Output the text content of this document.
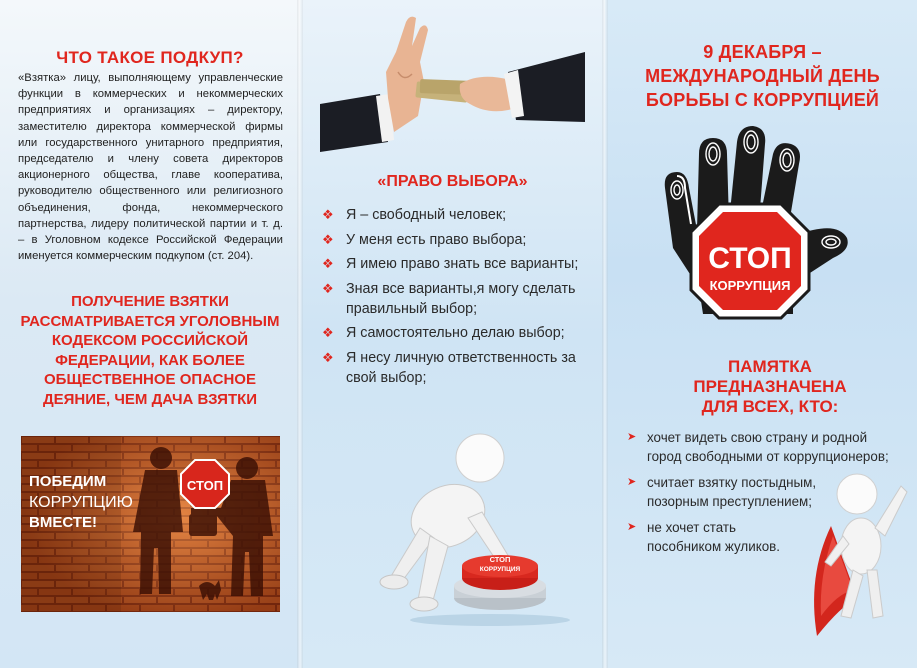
ЧТО ТАКОЕ ПОДКУП?
«Взятка» лицу, выполняющему управленческие функции в коммерческих и некоммерческих предприятиях и организациях – директору, заместителю директора коммерческой фирмы или государственного унитарного предприятия, председателю и члену совета директоров акционерного общества, главе кооператива, руководителю общественного или религиозного объединения, фонда, некоммерческого партнерства, лидеру политической партии и т. д. – в Уголовном кодексе Российской Федерации именуется коммерческим подкупом (ст. 204).
ПОЛУЧЕНИЕ ВЗЯТКИ РАССМАТРИВАЕТСЯ УГОЛОВНЫМ КОДЕКСОМ РОССИЙСКОЙ ФЕДЕРАЦИИ, КАК БОЛЕЕ ОБЩЕСТВЕННОЕ ОПАСНОЕ ДЕЯНИЕ, ЧЕМ ДАЧА ВЗЯТКИ
СТОП
ПОБЕДИМ
КОРРУПЦИЮ
ВМЕСТЕ!
«ПРАВО ВЫБОРА»
❖ Я – свободный человек;
❖ У меня есть право выбора;
❖ Я имею право знать все варианты;
❖ Зная все варианты,я могу сделать правильный выбор;
❖ Я самостоятельно делаю выбор;
❖ Я несу личную ответственность за свой выбор;
СТОП
КОРРУПЦИЯ
9 ДЕКАБРЯ –
МЕЖДУНАРОДНЫЙ ДЕНЬ
БОРЬБЫ С КОРРУПЦИЕЙ
СТОП
КОРРУПЦИЯ
ПАМЯТКА
ПРЕДНАЗНАЧЕНА
ДЛЯ ВСЕХ, КТО:
➤ хочет видеть свою страну и родной город свободными от коррупционеров;
➤ считает взятку постыдным, позорным преступлением;
➤ не хочет стать пособником жуликов.
